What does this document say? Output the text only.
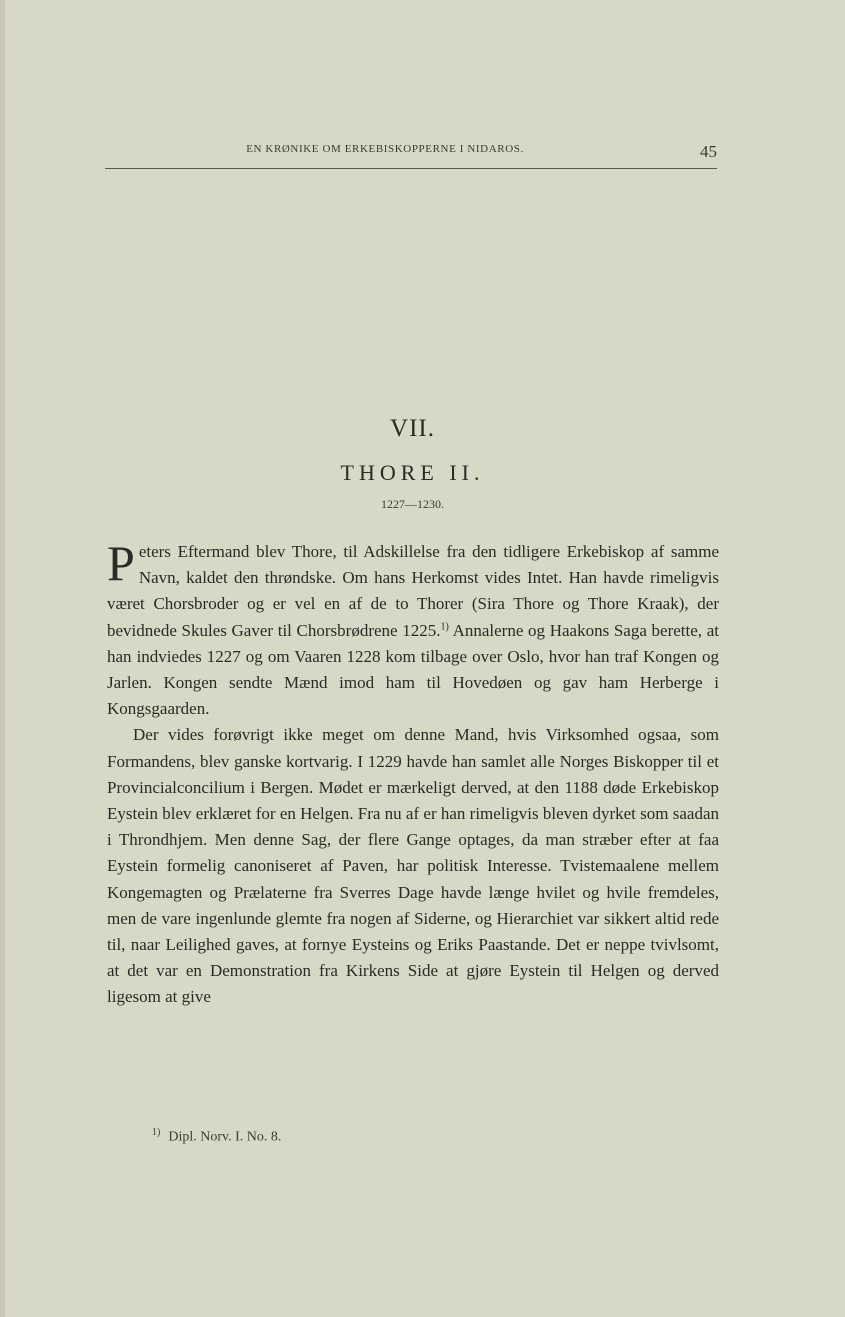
EN KRØNIKE OM ERKEBISKOPPERNE I NIDAROS.	45
VII.
THORE II.
1227—1230.

Peters Eftermand blev Thore, til Adskillelse fra den tidligere Erkebiskop af samme Navn, kaldet den thrøndske. Om hans Herkomst vides Intet. Han havde rimeligvis været Chorsbroder og er vel en af de to Thorer (Sira Thore og Thore Kraak), der bevidnede Skules Gaver til Chorsbrødrene 1225.$^{1)}$ Annalerne og Haakons Saga berette, at han indviedes 1227 og om Vaaren 1228 kom tilbage over Oslo, hvor han traf Kongen og Jarlen. Kongen sendte Mænd imod ham til Hovedøen og gav ham Herberge i Kongsgaarden.

Der vides forøvrigt ikke meget om denne Mand, hvis Virksomhed ogsaa, som Formandens, blev ganske kortvarig. I 1229 havde han samlet alle Norges Biskopper til et Provincialconcilium i Bergen. Mødet er mærkeligt derved, at den 1188 døde Erkebiskop Eystein blev erklæret for en Helgen. Fra nu af er han rimeligvis bleven dyrket som saadan i Throndhjem. Men denne Sag, der flere Gange optages, da man stræber efter at faa Eystein formelig canoniseret af Paven, har politisk Interesse. Tvistemaalene mellem Kongemagten og Prælaterne fra Sverres Dage havde længe hvilet og hvile fremdeles, men de vare ingenlunde glemte fra nogen af Siderne, og Hierarchiet var sikkert altid rede til, naar Leilighed gaves, at fornye Eysteins og Eriks Paastande. Det er neppe tvivlsomt, at det var en Demonstration fra Kirkens Side at gjøre Eystein til Helgen og derved ligesom at give

$^{1)}$ Dipl. Norv. I. No. 8.
